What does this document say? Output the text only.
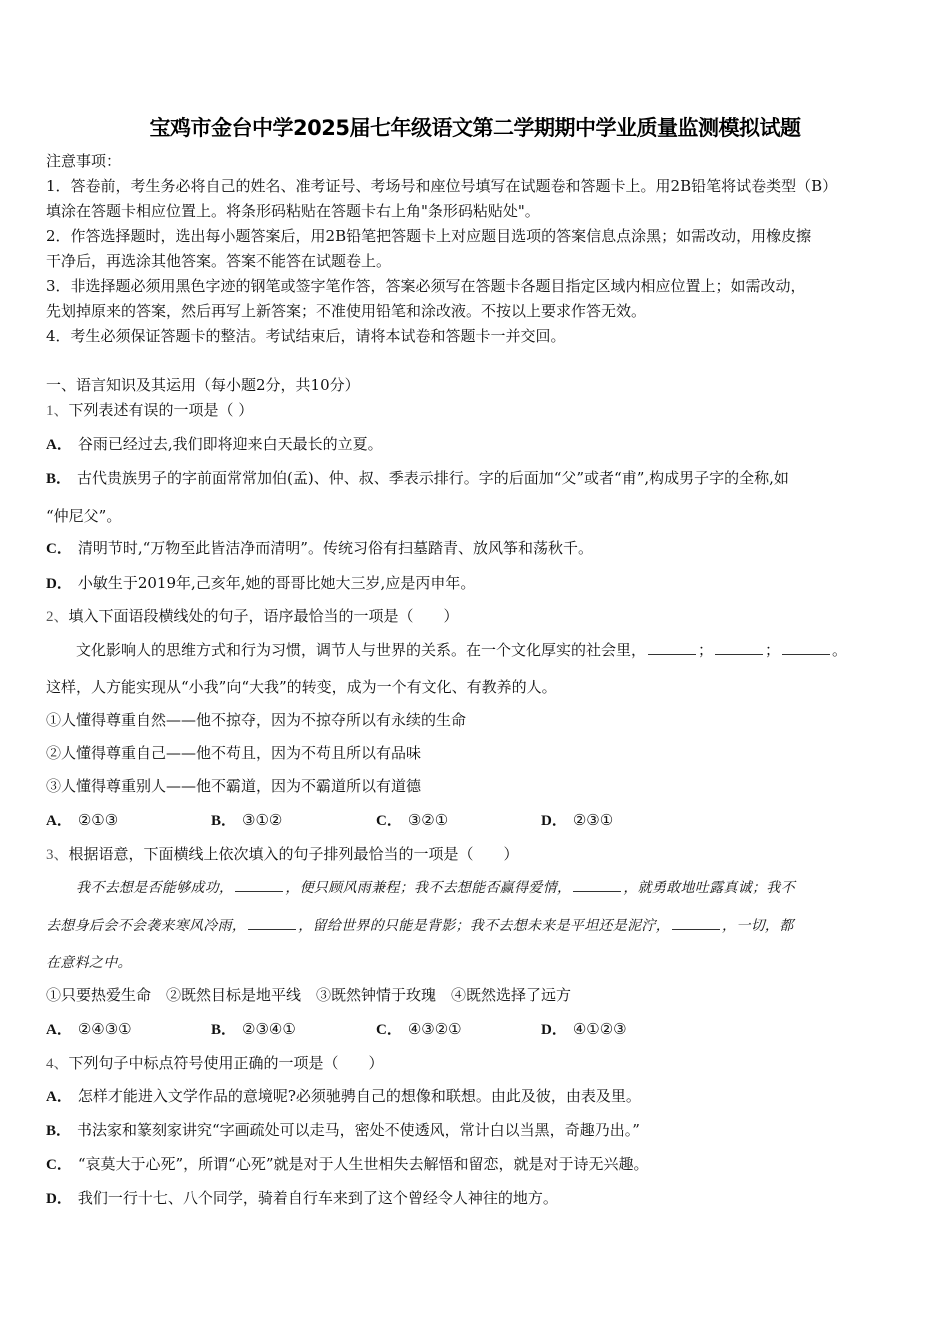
宝鸡市金台中学2025届七年级语文第二学期期中学业质量监测模拟试题
注意事项：
1．答卷前，考生务必将自己的姓名、准考证号、考场号和座位号填写在试题卷和答题卡上。用2B铅笔将试卷类型（B）
填涂在答题卡相应位置上。将条形码粘贴在答题卡右上角"条形码粘贴处"。
2．作答选择题时，选出每小题答案后，用2B铅笔把答题卡上对应题目选项的答案信息点涂黑；如需改动，用橡皮擦
干净后，再选涂其他答案。答案不能答在试题卷上。
3．非选择题必须用黑色字迹的钢笔或签字笔作答，答案必须写在答题卡各题目指定区域内相应位置上；如需改动，
先划掉原来的答案，然后再写上新答案；不准使用铅笔和涂改液。不按以上要求作答无效。
4．考生必须保证答题卡的整洁。考试结束后，请将本试卷和答题卡一并交回。
一、语言知识及其运用（每小题2分，共10分）
1、下列表述有误的一项是（ ）
A． 谷雨已经过去,我们即将迎来白天最长的立夏。
B． 古代贵族男子的字前面常常加伯(孟)、仲、叔、季表示排行。字的后面加“父”或者“甫”,构成男子字的全称,如
“仲尼父”。
C． 清明节时,“万物至此皆洁净而清明”。传统习俗有扫墓踏青、放风筝和荡秋千。
D． 小敏生于2019年,己亥年,她的哥哥比她大三岁,应是丙申年。
2、填入下面语段横线处的句子，语序最恰当的一项是（　　）
文化影响人的思维方式和行为习惯，调节人与世界的关系。在一个文化厚实的社会里，	；	；	。
这样，人方能实现从“小我”向“大我”的转变，成为一个有文化、有教养的人。
①人懂得尊重自然——他不掠夺，因为不掠夺所以有永续的生命
②人懂得尊重自己——他不苟且，因为不苟且所以有品味
③人懂得尊重别人——他不霸道，因为不霸道所以有道德
A． ②①③	B． ③①②	C． ③②①	D． ②③①
3、根据语意，下面横线上依次填入的句子排列最恰当的一项是（　　）
我不去想是否能够成功，	，便只顾风雨兼程；我不去想能否赢得爱情，	，就勇敢地吐露真诚；我不
去想身后会不会袭来寒风冷雨，	，留给世界的只能是背影；我不去想未来是平坦还是泥泞，	，一切，都
在意料之中。
①只要热爱生命　②既然目标是地平线　③既然钟情于玫瑰　④既然选择了远方
A． ②④③①	B． ②③④①	C． ④③②①	D． ④①②③
4、下列句子中标点符号使用正确的一项是（　　）
A． 怎样才能进入文学作品的意境呢?必须驰骋自己的想像和联想。由此及彼，由表及里。
B． 书法家和篆刻家讲究“字画疏处可以走马，密处不使透风，常计白以当黑，奇趣乃出。”
C． “哀莫大于心死”，所谓“心死”就是对于人生世相失去解悟和留恋，就是对于诗无兴趣。
D． 我们一行十七、八个同学，骑着自行车来到了这个曾经令人神往的地方。
